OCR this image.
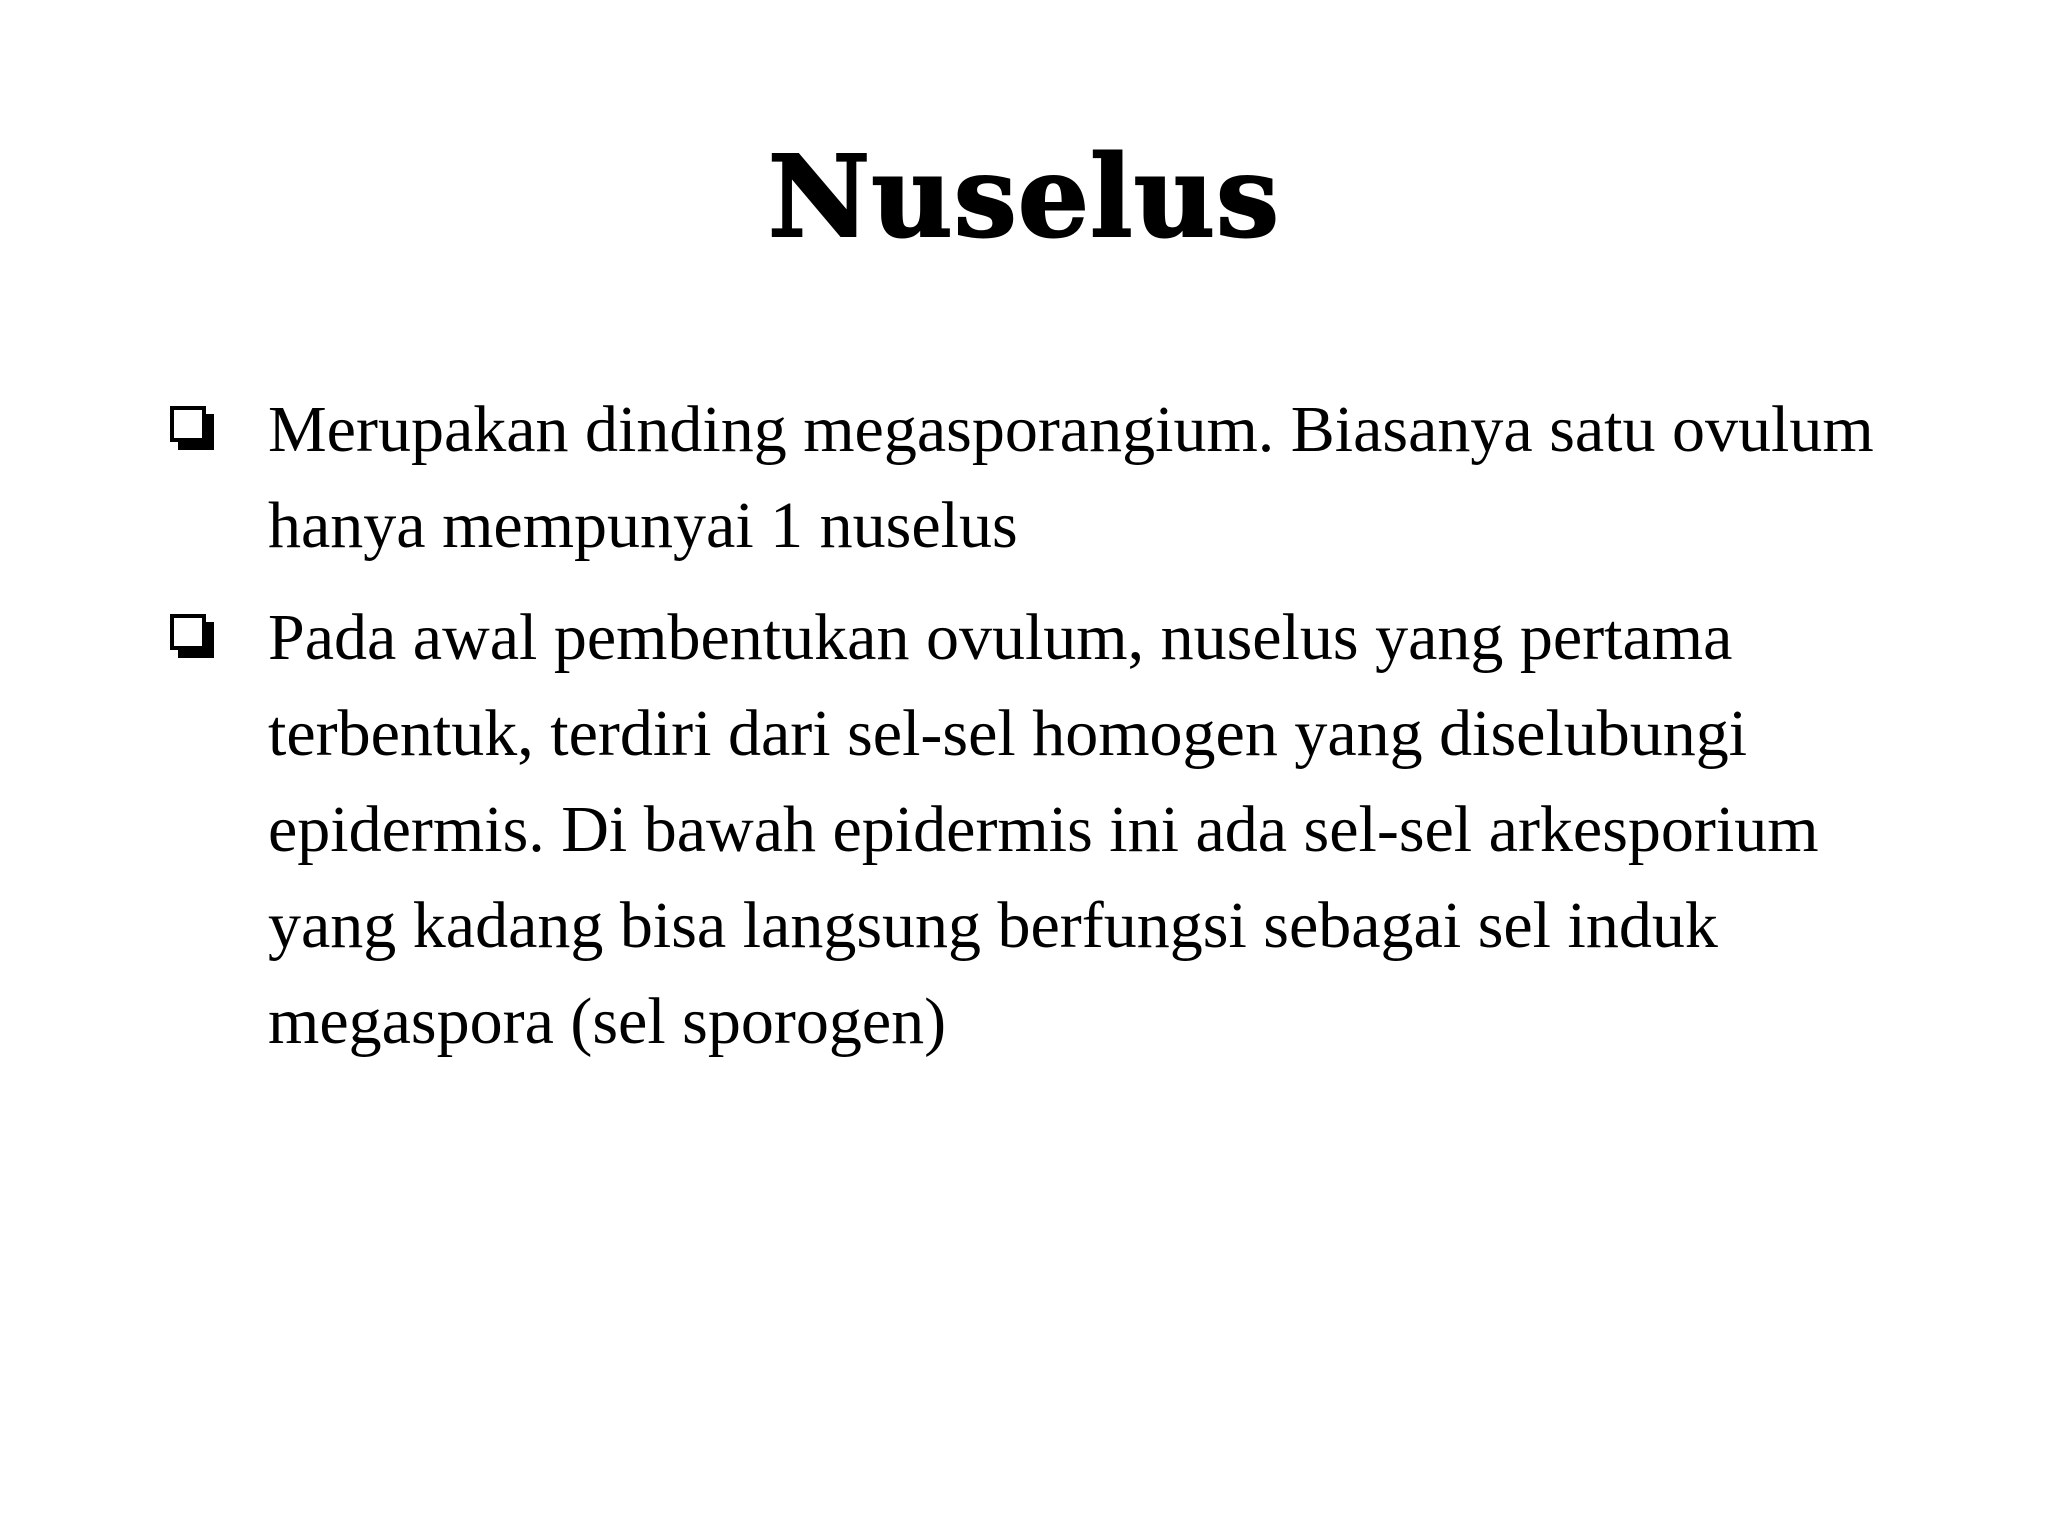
Nuselus
Merupakan dinding megasporangium. Biasanya satu ovulum hanya mempunyai 1 nuselus
Pada awal pembentukan ovulum, nuselus yang pertama terbentuk, terdiri dari sel-sel homogen yang diselubungi epidermis. Di bawah epidermis ini ada sel-sel arkesporium yang kadang bisa langsung berfungsi sebagai sel induk megaspora (sel sporogen)
